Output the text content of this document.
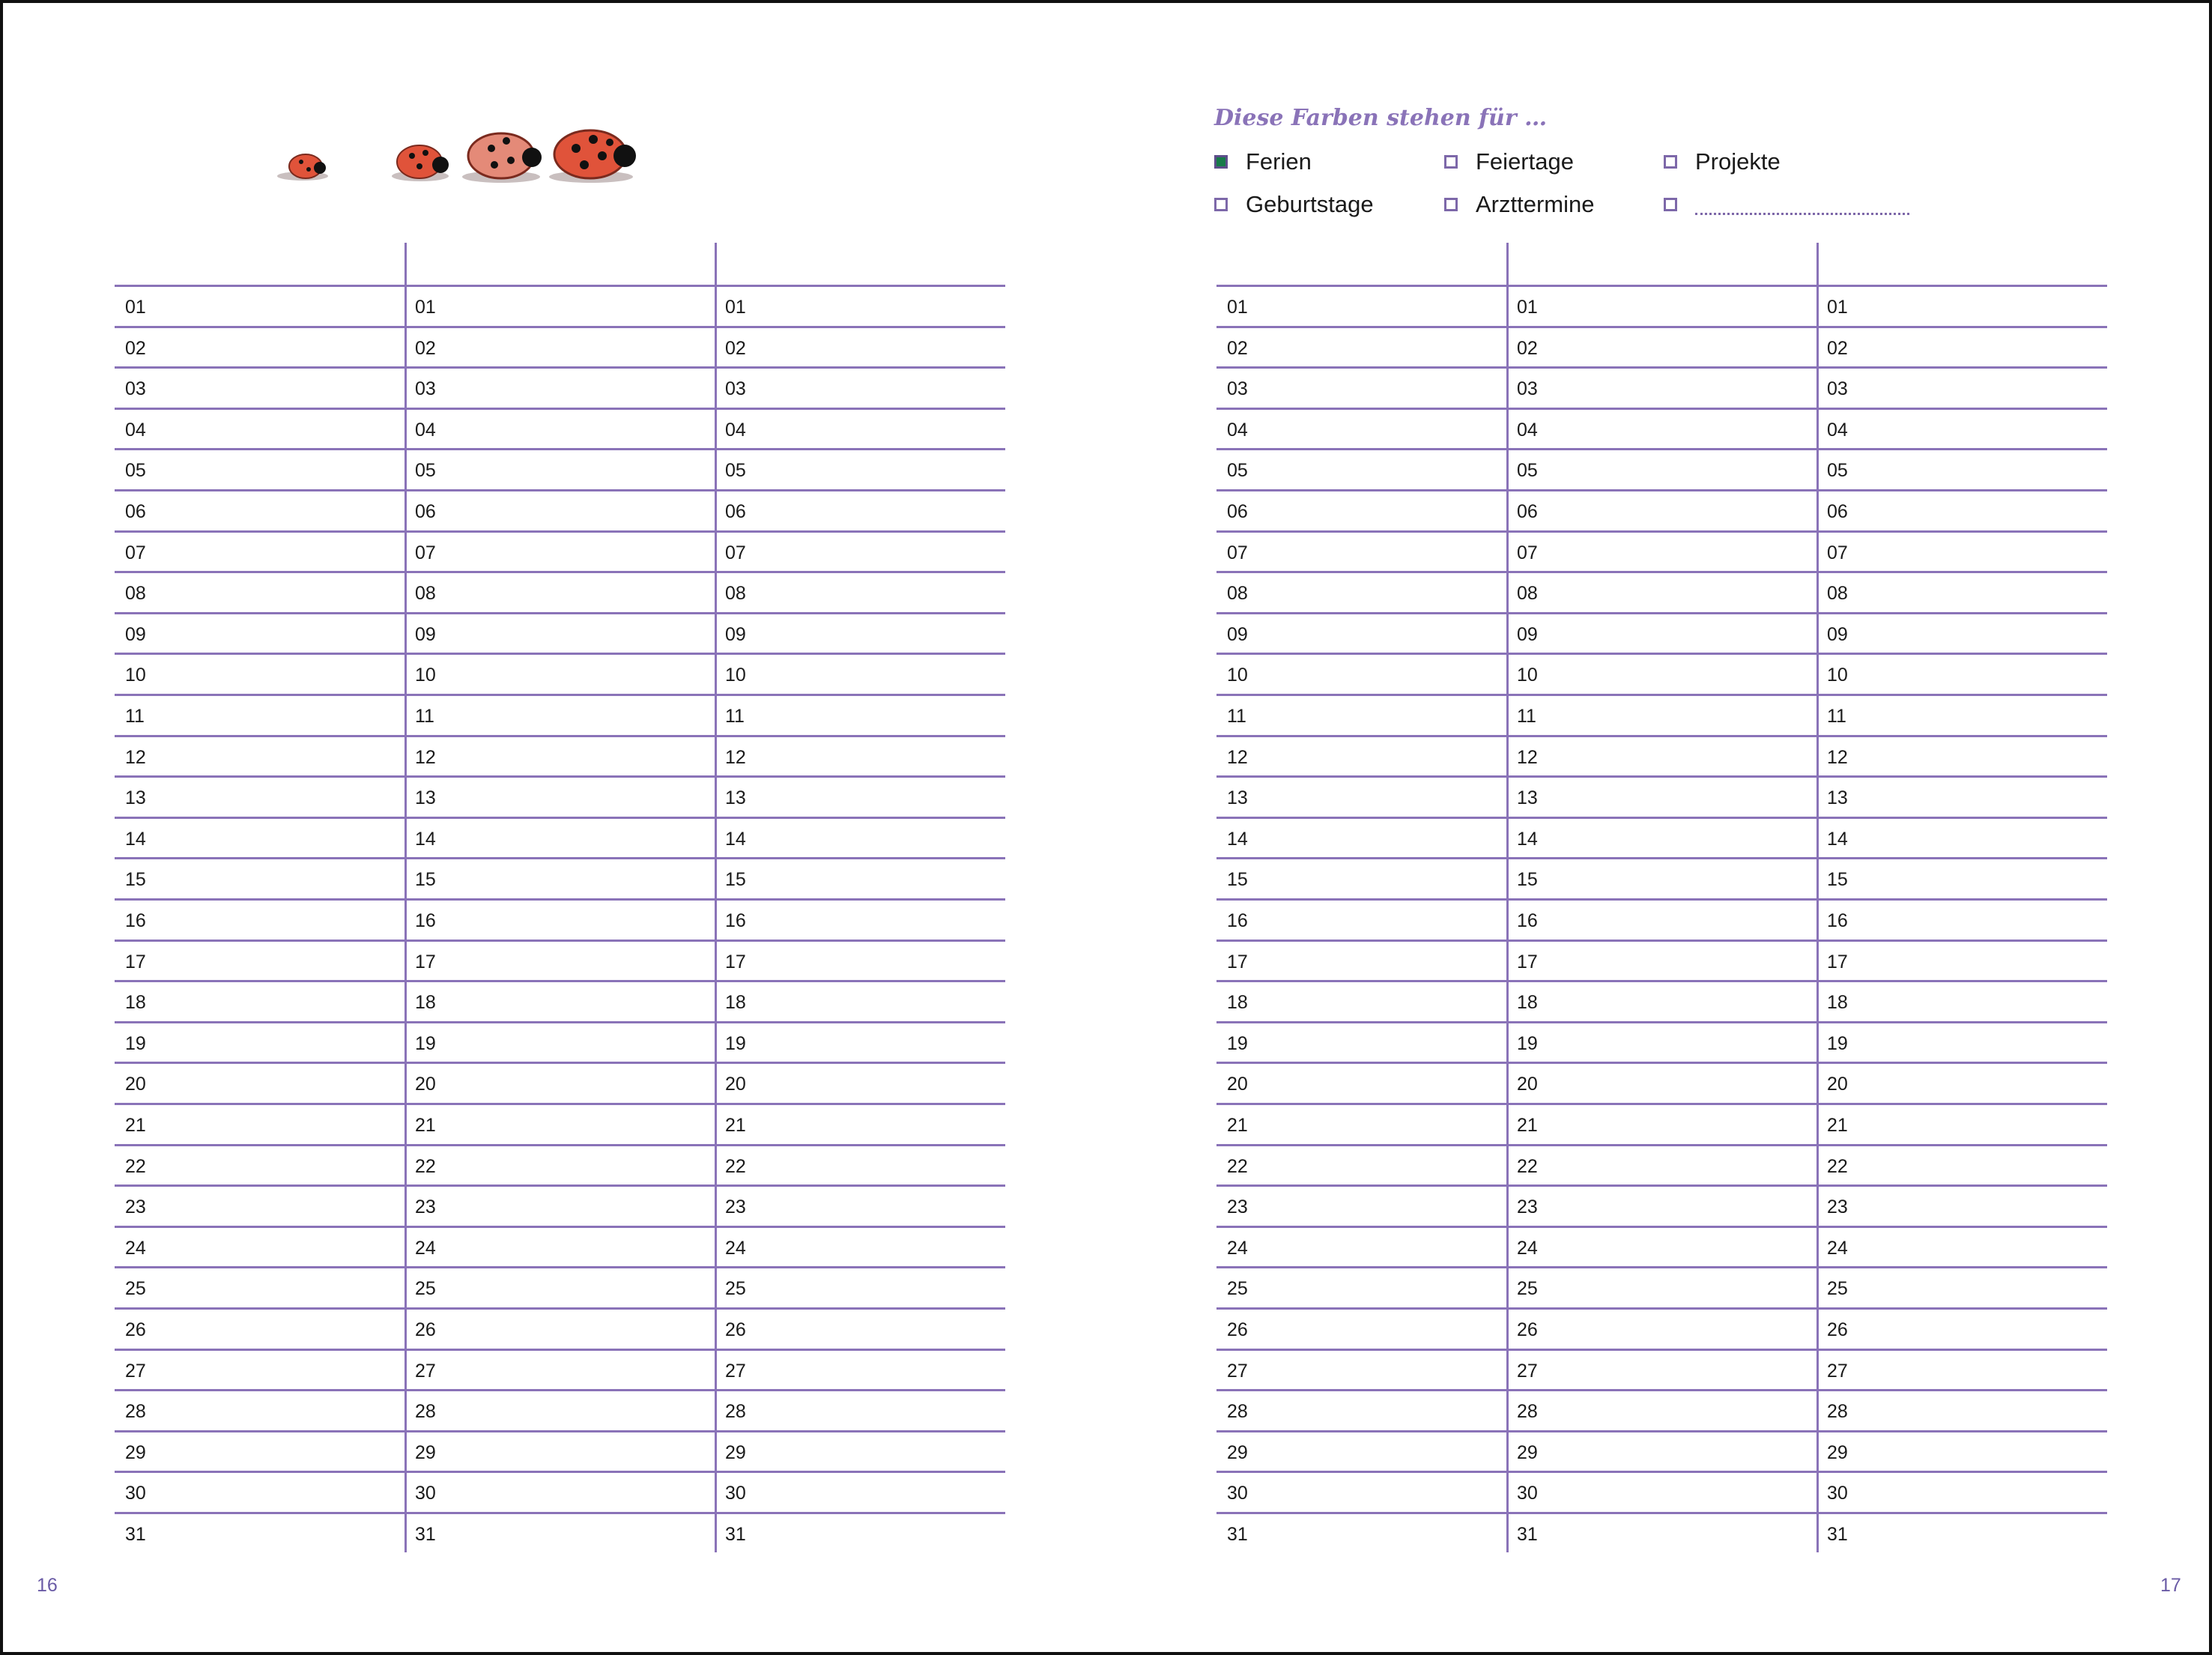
Diese Farben stehen für …
Ferien	Feiertage	Projekte
Geburtstage	Arzttermine
01	01	01
02	02	02
03	03	03
04	04	04
05	05	05
06	06	06
07	07	07
08	08	08
09	09	09
10	10	10
11	11	11
12	12	12
13	13	13
14	14	14
15	15	15
16	16	16
17	17	17
18	18	18
19	19	19
20	20	20
21	21	21
22	22	22
23	23	23
24	24	24
25	25	25
26	26	26
27	27	27
28	28	28
29	29	29
30	30	30
31	31	31
01	01	01
02	02	02
03	03	03
04	04	04
05	05	05
06	06	06
07	07	07
08	08	08
09	09	09
10	10	10
11	11	11
12	12	12
13	13	13
14	14	14
15	15	15
16	16	16
17	17	17
18	18	18
19	19	19
20	20	20
21	21	21
22	22	22
23	23	23
24	24	24
25	25	25
26	26	26
27	27	27
28	28	28
29	29	29
30	30	30
31	31	31
16	17
